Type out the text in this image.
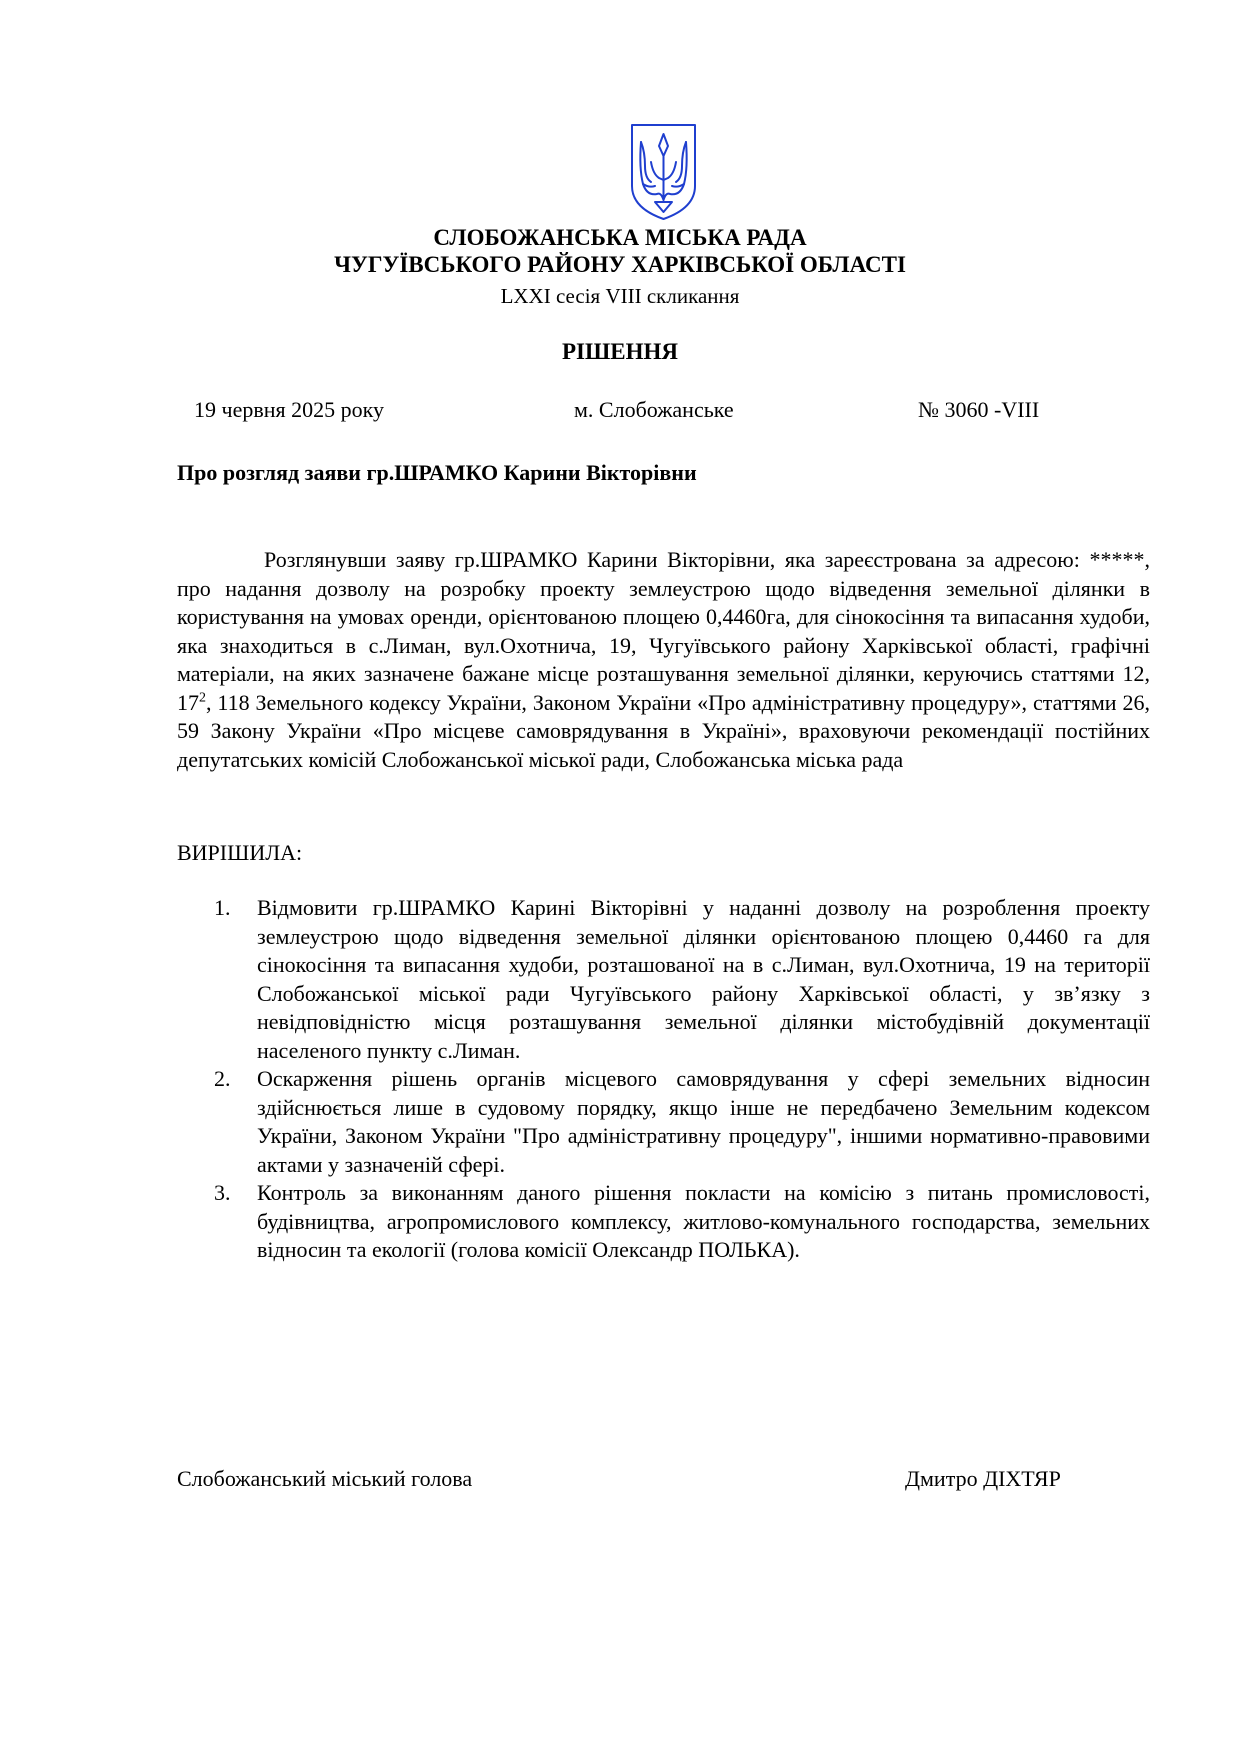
СЛОБОЖАНСЬКА МІСЬКА РАДА
ЧУГУЇВСЬКОГО РАЙОНУ ХАРКІВСЬКОЇ ОБЛАСТІ
LXXI сесія VIII скликання
РІШЕННЯ
19 червня 2025 року	м. Слобожанське	№ 3060 -VIII
Про розгляд заяви гр.ШРАМКО Карини Вікторівни

Розглянувши заяву гр.ШРАМКО Карини Вікторівни, яка зареєстрована за адресою: *****, про надання дозволу на розробку проекту землеустрою щодо відведення земельної ділянки в користування на умовах оренди, орієнтованою площею 0,4460га, для сінокосіння та випасання худоби, яка знаходиться в с.Лиман, вул.Охотнича, 19, Чугуївського району Харківської області, графічні матеріали, на яких зазначене бажане місце розташування земельної ділянки, керуючись статтями 12, $17^2$, 118 Земельного кодексу України, Законом України «Про адміністративну процедуру», статтями 26, 59 Закону України «Про місцеве самоврядування в Україні», враховуючи рекомендації постійних депутатських комісій Слобожанської міської ради, Слобожанська міська рада

ВИРІШИЛА:
1. Відмовити гр.ШРАМКО Карині Вікторівні у наданні дозволу на розроблення проекту землеустрою щодо відведення земельної ділянки орієнтованою площею 0,4460 га для сінокосіння та випасання худоби, розташованої на в с.Лиман, вул.Охотнича, 19 на території Слобожанської міської ради Чугуївського району Харківської області, у зв’язку з невідповідністю місця розташування земельної ділянки містобудівній документації населеного пункту с.Лиман.
2. Оскарження рішень органів місцевого самоврядування у сфері земельних відносин здійснюється лише в судовому порядку, якщо інше не передбачено Земельним кодексом України, Законом України "Про адміністративну процедуру", іншими нормативно-правовими актами у зазначеній сфері.
3. Контроль за виконанням даного рішення покласти на комісію з питань промисловості, будівництва, агропромислового комплексу, житлово-комунального господарства, земельних відносин та екології (голова комісії Олександр ПОЛЬКА).
Слобожанський міський голова	Дмитро ДІХТЯР
